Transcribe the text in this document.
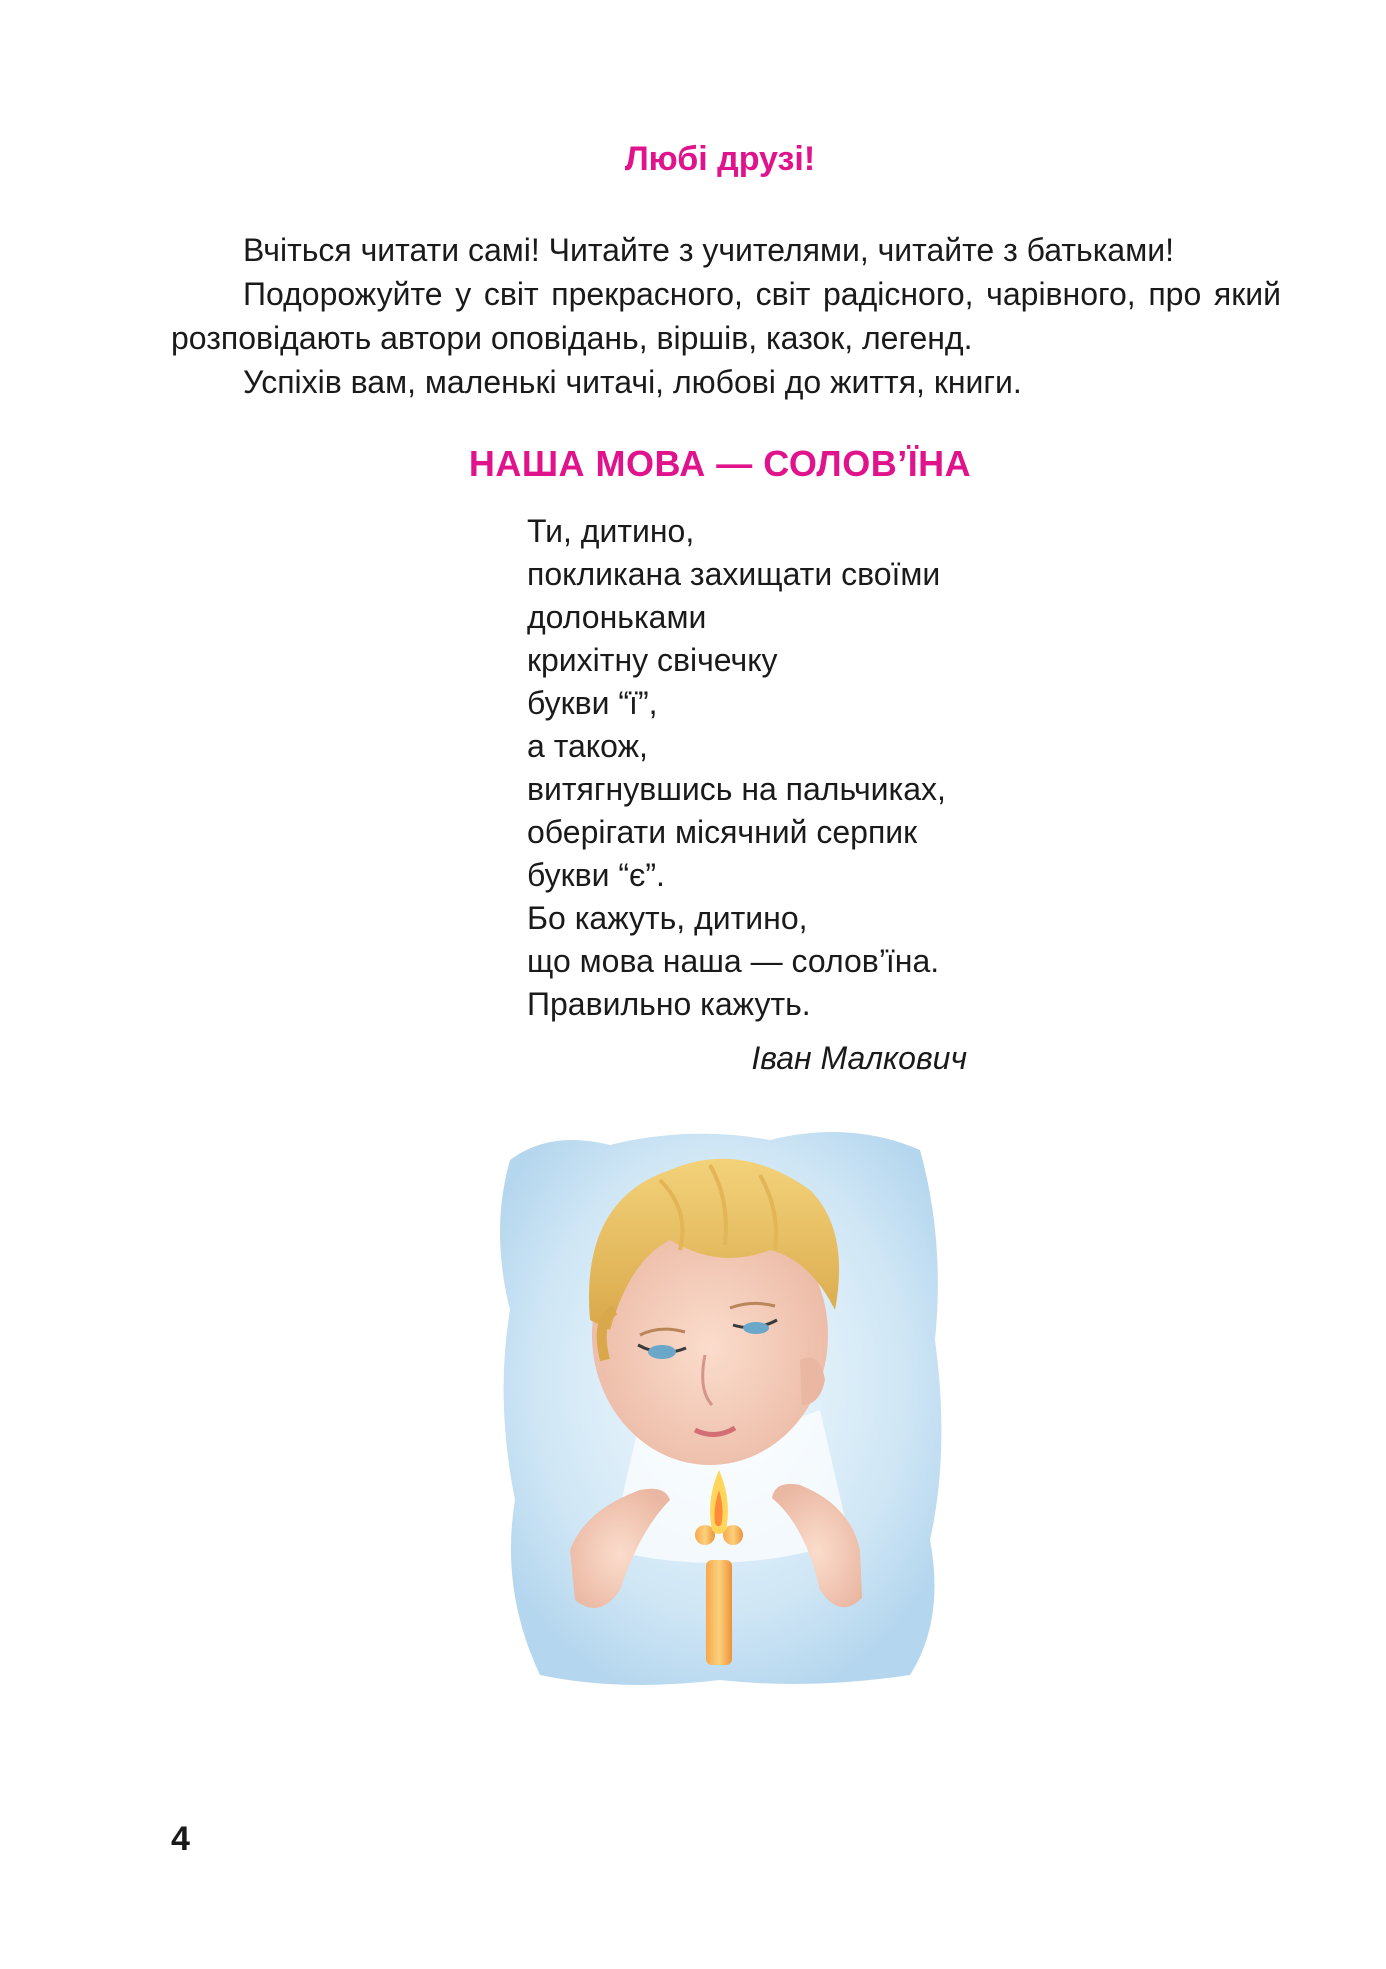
Любі друзі!

Вчіться читати самі! Читайте з учителями, читайте з батьками!

Подорожуйте у світ прекрасного, світ радісного, чарівного, про який розповідають автори оповідань, віршів, казок, легенд.

Успіхів вам, маленькі читачі, любові до життя, книги.

НАША МОВА — СОЛОВ’ЇНА
Ти, дитино,
покликана захищати своїми
долоньками
крихітну свічечку
букви “ї”,
а також,
витягнувшись на пальчиках,
оберігати місячний серпик
букви “є”.
Бо кажуть, дитино,
що мова наша — солов’їна.
Правильно кажуть.
Іван Малкович
4
